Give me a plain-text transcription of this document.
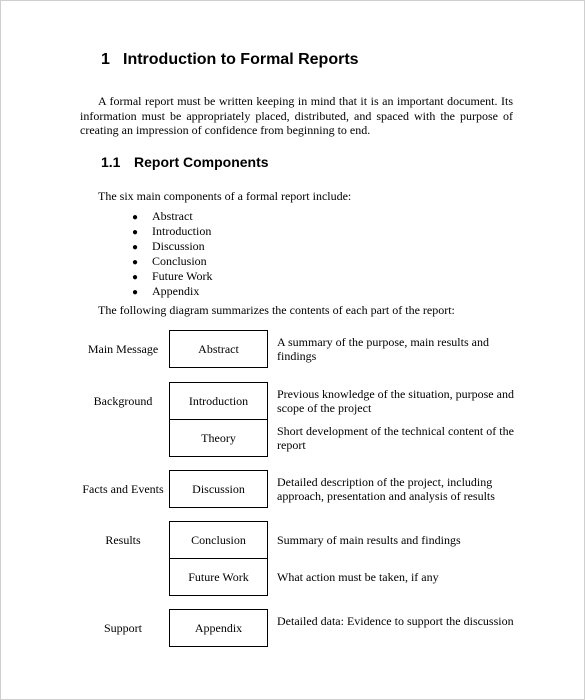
1 Introduction to Formal Reports

A formal report must be written keeping in mind that it is an important document. Its information must be appropriately placed, distributed, and spaced with the purpose of creating an impression of confidence from beginning to end.

1.1 Report Components

The six main components of a formal report include:

● Abstract
● Introduction
● Discussion
● Conclusion
● Future Work
● Appendix

The following diagram summarizes the contents of each part of the report:

Main Message
Background
Facts and Events
Results
Support
Abstract
Introduction
Theory
Discussion
Conclusion
Future Work
Appendix
A summary of the purpose, main results and findings
Previous knowledge of the situation, purpose and scope of the project
Short development of the technical content of the report
Detailed description of the project, including approach, presentation and analysis of results
Summary of main results and findings
What action must be taken, if any
Detailed data: Evidence to support the discussion
